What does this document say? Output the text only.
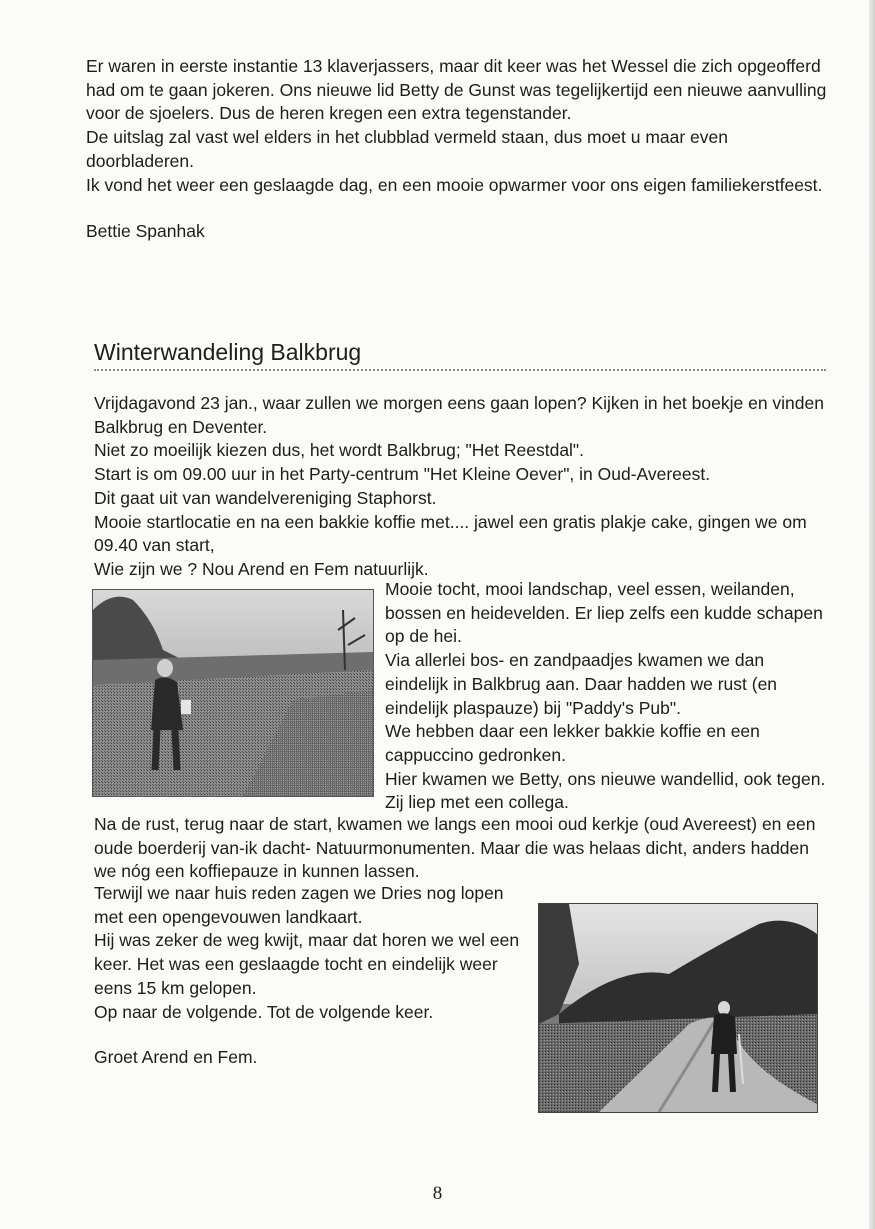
Er waren in eerste instantie 13 klaverjassers, maar dit keer was het Wessel die zich opgeofferd had om te gaan jokeren. Ons nieuwe lid Betty de Gunst was tegelijkertijd een nieuwe aanvulling voor de sjoelers. Dus de heren kregen een extra tegenstander.

De uitslag zal vast wel elders in het clubblad vermeld staan, dus moet u maar even doorbladeren.

Ik vond het weer een geslaagde dag, en een mooie opwarmer voor ons eigen familiekerstfeest.

Bettie Spanhak

Winterwandeling Balkbrug

Vrijdagavond 23 jan., waar zullen we morgen eens gaan lopen? Kijken in het boekje en vinden Balkbrug en Deventer.

Niet zo moeilijk kiezen dus, het wordt Balkbrug; "Het Reestdal".

Start is om 09.00 uur in het Party-centrum "Het Kleine Oever", in Oud-Avereest.

Dit gaat uit van wandelvereniging Staphorst.

Mooie startlocatie en na een bakkie koffie met.... jawel een gratis plakje cake, gingen we om 09.40 van start,

Wie zijn we ? Nou Arend en Fem natuurlijk.

Mooie tocht, mooi landschap, veel essen, weilanden, bossen en heidevelden. Er liep zelfs een kudde schapen op de hei.

Via allerlei bos- en zandpaadjes kwamen we dan eindelijk in Balkbrug aan. Daar hadden we rust (en eindelijk plaspauze) bij "Paddy's Pub".

We hebben daar een lekker bakkie koffie en een cappuccino gedronken.

Hier kwamen we Betty, ons nieuwe wandellid, ook tegen. Zij liep met een collega.

Na de rust, terug naar de start, kwamen we langs een mooi oud kerkje (oud Avereest) en een oude boerderij van-ik dacht- Natuurmonumenten. Maar die was helaas dicht, anders hadden we nóg een koffiepauze in kunnen lassen.

Terwijl we naar huis reden zagen we Dries nog lopen met een opengevouwen landkaart.

Hij was zeker de weg kwijt, maar dat horen we wel een keer. Het was een geslaagde tocht en eindelijk weer eens 15 km gelopen.

Op naar de volgende. Tot de volgende keer.

Groet Arend en Fem.

8
